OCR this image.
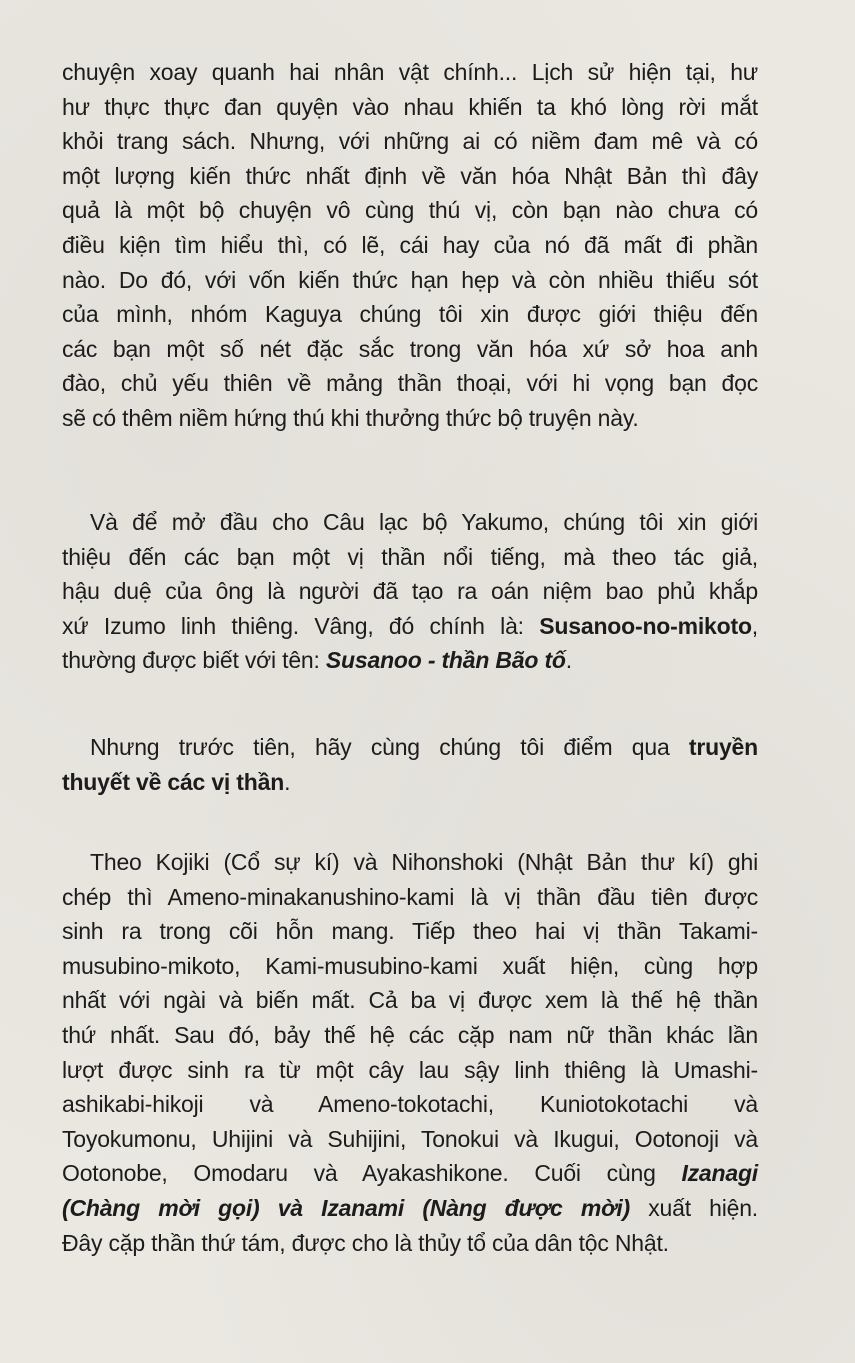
chuyện xoay quanh hai nhân vật chính... Lịch sử hiện tại, hư
hư thực thực đan quyện vào nhau khiến ta khó lòng rời mắt
khỏi trang sách. Nhưng, với những ai có niềm đam mê và có
một lượng kiến thức nhất định về văn hóa Nhật Bản thì đây
quả là một bộ chuyện vô cùng thú vị, còn bạn nào chưa có
điều kiện tìm hiểu thì, có lẽ, cái hay của nó đã mất đi phần
nào. Do đó, với vốn kiến thức hạn hẹp và còn nhiều thiếu sót
của mình, nhóm Kaguya chúng tôi xin được giới thiệu đến
các bạn một số nét đặc sắc trong văn hóa xứ sở hoa anh
đào, chủ yếu thiên về mảng thần thoại, với hi vọng bạn đọc
sẽ có thêm niềm hứng thú khi thưởng thức bộ truyện này.
Và để mở đầu cho Câu lạc bộ Yakumo, chúng tôi xin giới
thiệu đến các bạn một vị thần nổi tiếng, mà theo tác giả,
hậu duệ của ông là người đã tạo ra oán niệm bao phủ khắp
xứ Izumo linh thiêng. Vâng, đó chính là: Susanoo-no-mikoto,
thường được biết với tên: Susanoo - thần Bão tố.
Nhưng trước tiên, hãy cùng chúng tôi điểm qua truyền
thuyết về các vị thần.
Theo Kojiki (Cổ sự kí) và Nihonshoki (Nhật Bản thư kí) ghi
chép thì Ameno-minakanushino-kami là vị thần đầu tiên được
sinh ra trong cõi hỗn mang. Tiếp theo hai vị thần Takami-
musubino-mikoto, Kami-musubino-kami xuất hiện, cùng hợp
nhất với ngài và biến mất. Cả ba vị được xem là thế hệ thần
thứ nhất. Sau đó, bảy thế hệ các cặp nam nữ thần khác lần
lượt được sinh ra từ một cây lau sậy linh thiêng là Umashi-
ashikabi-hikoji và Ameno-tokotachi, Kuniotokotachi và
Toyokumonu, Uhijini và Suhijini, Tonokui và Ikugui, Ootonoji và
Ootonobe, Omodaru và Ayakashikone. Cuối cùng Izanagi
(Chàng mời gọi) và Izanami (Nàng được mời) xuất hiện.
Đây cặp thần thứ tám, được cho là thủy tổ của dân tộc Nhật.
